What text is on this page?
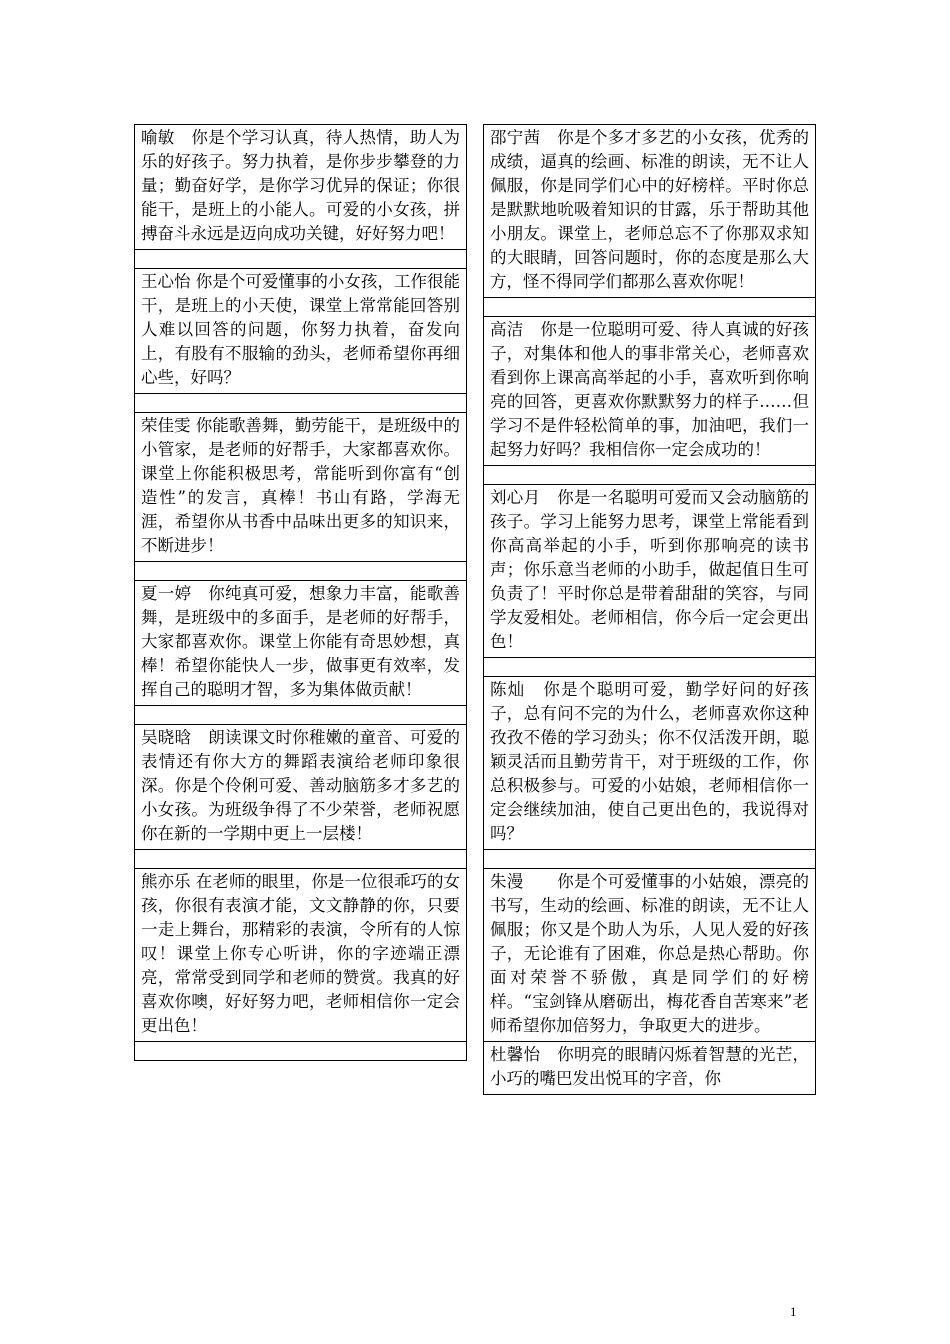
喻敏　你是个学习认真，待人热情，助人为乐的好孩子。努力执着，是你步步攀登的力量；勤奋好学，是你学习优异的保证；你很能干，是班上的小能人。可爱的小女孩，拼搏奋斗永远是迈向成功关键，好好努力吧！

王心怡 你是个可爱懂事的小女孩，工作很能干，是班上的小天使，课堂上常常能回答别人难以回答的问题，你努力执着，奋发向上，有股有不服输的劲头，老师希望你再细心些，好吗？

荣佳雯 你能歌善舞，勤劳能干，是班级中的小管家，是老师的好帮手，大家都喜欢你。课堂上你能积极思考，常能听到你富有“创造性”的发言，真棒！书山有路，学海无涯，希望你从书香中品味出更多的知识来，不断进步！

夏一婷　你纯真可爱，想象力丰富，能歌善舞，是班级中的多面手，是老师的好帮手，大家都喜欢你。课堂上你能有奇思妙想，真棒！希望你能快人一步，做事更有效率，发挥自己的聪明才智，多为集体做贡献！

吴晓晗　朗读课文时你稚嫩的童音、可爱的表情还有你大方的舞蹈表演给老师印象很深。你是个伶俐可爱、善动脑筋多才多艺的小女孩。为班级争得了不少荣誉，老师祝愿你在新的一学期中更上一层楼！

熊亦乐 在老师的眼里，你是一位很乖巧的女孩，你很有表演才能，文文静静的你，只要一走上舞台，那精彩的表演，令所有的人惊叹！课堂上你专心听讲，你的字迹端正漂亮，常常受到同学和老师的赞赏。我真的好喜欢你噢，好好努力吧，老师相信你一定会更出色！

邵宁茜　你是个多才多艺的小女孩，优秀的成绩，逼真的绘画、标准的朗读，无不让人佩服，你是同学们心中的好榜样。平时你总是默默地吮吸着知识的甘露，乐于帮助其他小朋友。课堂上，老师总忘不了你那双求知的大眼睛，回答问题时，你的态度是那么大方，怪不得同学们都那么喜欢你呢！

高洁　你是一位聪明可爱、待人真诚的好孩子，对集体和他人的事非常关心，老师喜欢看到你上课高高举起的小手，喜欢听到你响亮的回答，更喜欢你默默努力的样子……但学习不是件轻松简单的事，加油吧，我们一起努力好吗？我相信你一定会成功的！

刘心月　你是一名聪明可爱而又会动脑筋的孩子。学习上能努力思考，课堂上常能看到你高高举起的小手，听到你那响亮的读书声；你乐意当老师的小助手，做起值日生可负责了！平时你总是带着甜甜的笑容，与同学友爱相处。老师相信，你今后一定会更出色！

陈灿　你是个聪明可爱，勤学好问的好孩子，总有问不完的为什么，老师喜欢你这种孜孜不倦的学习劲头；你不仅活泼开朗，聪颖灵活而且勤劳肯干，对于班级的工作，你总积极参与。可爱的小姑娘，老师相信你一定会继续加油，使自己更出色的，我说得对吗？

朱漫　　你是个可爱懂事的小姑娘，漂亮的书写，生动的绘画、标准的朗读，无不让人佩服；你又是个助人为乐，人见人爱的好孩子，无论谁有了困难，你总是热心帮助。你面对荣誉不骄傲，真是同学们的好榜样。“宝剑锋从磨砺出，梅花香自苦寒来”老师希望你加倍努力，争取更大的进步。
杜馨怡　你明亮的眼睛闪烁着智慧的光芒，小巧的嘴巴发出悦耳的字音，你
1
